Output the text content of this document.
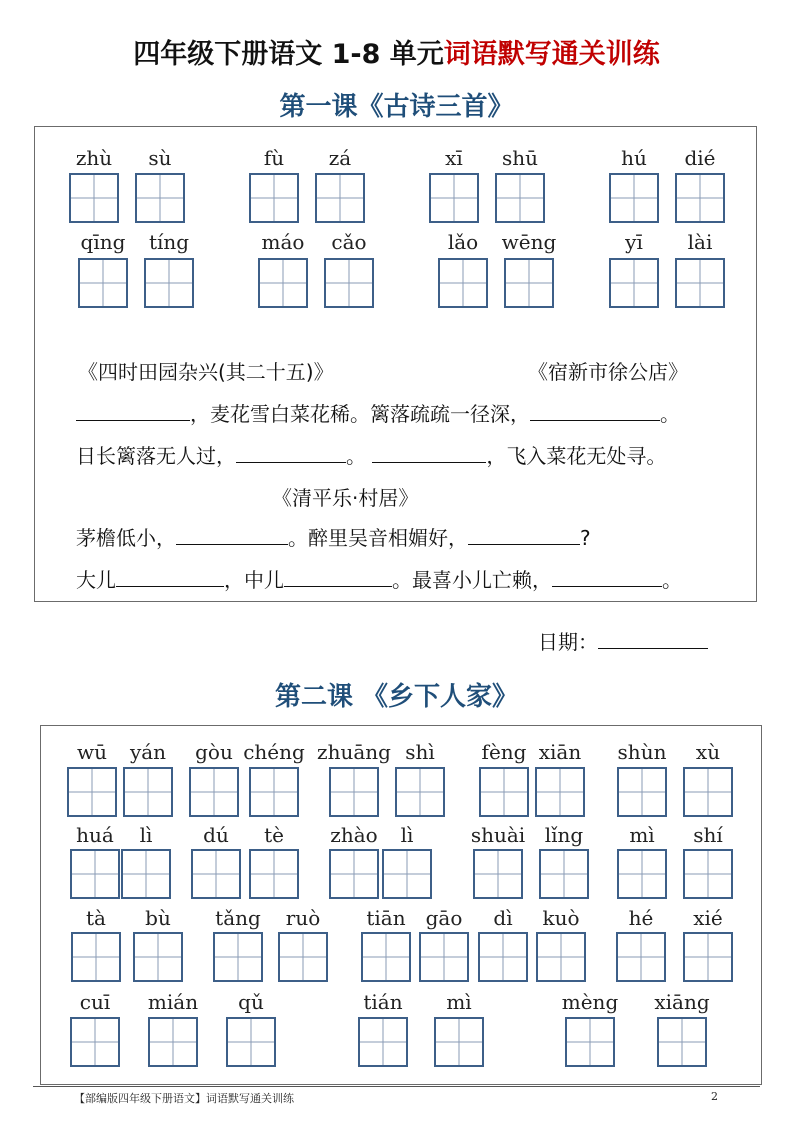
四年级下册语文 1-8 单元词语默写通关训练
第一课《古诗三首》
zhù sù	fù zá	xī shū	hú dié
qīng tíng	máo cǎo	lǎo wēng	yī lài
《四时田园杂兴(其二十五)》	《宿新市徐公店》
，麦花雪白菜花稀。篱落疏疏一径深，	。
日长篱落无人过，	。	，飞入菜花无处寻。
《清平乐·村居》
茅檐低小，	。醉里吴音相媚好，	?
大儿	，中儿	。最喜小儿亡赖，	。
日期：
第二课 《乡下人家》
wū yán gòu chéng zhuāng shì fèng xiān shùn xù
huá lì	dú tè zhào lì	shuài lǐng mì shí
tà bù tǎng ruò tiān gāo dì kuò hé xié
cuī mián qǔ	tián mì	mèng xiāng
【部编版四年级下册语文】词语默写通关训练	2
